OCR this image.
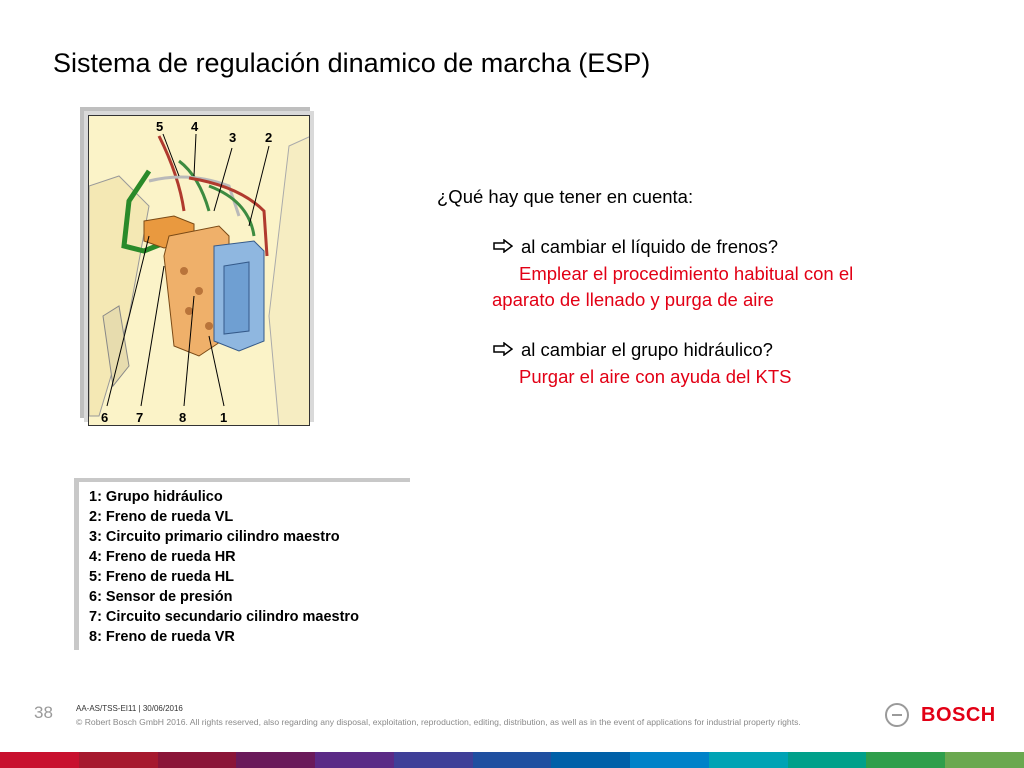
Sistema de regulación dinamico de marcha (ESP)
5 4
3 2
6 7	8	1
¿Qué hay que tener en cuenta:
al cambiar el líquido de frenos?
Emplear el procedimiento habitual con el
aparato de llenado y purga de aire
al cambiar el grupo hidráulico?
Purgar el aire con ayuda del KTS
1: Grupo hidráulico
2: Freno de rueda VL
3: Circuito primario cilindro maestro
4: Freno de rueda HR
5: Freno de rueda HL
6: Sensor de presión
7: Circuito secundario cilindro maestro
8: Freno de rueda VR
38	AA-AS/TSS-EI11 | 30/06/2016
© Robert Bosch GmbH 2016. All rights reserved, also regarding any disposal, exploitation, reproduction, editing, distribution, as well as in the event of applications for industrial property rights.	BOSCH
